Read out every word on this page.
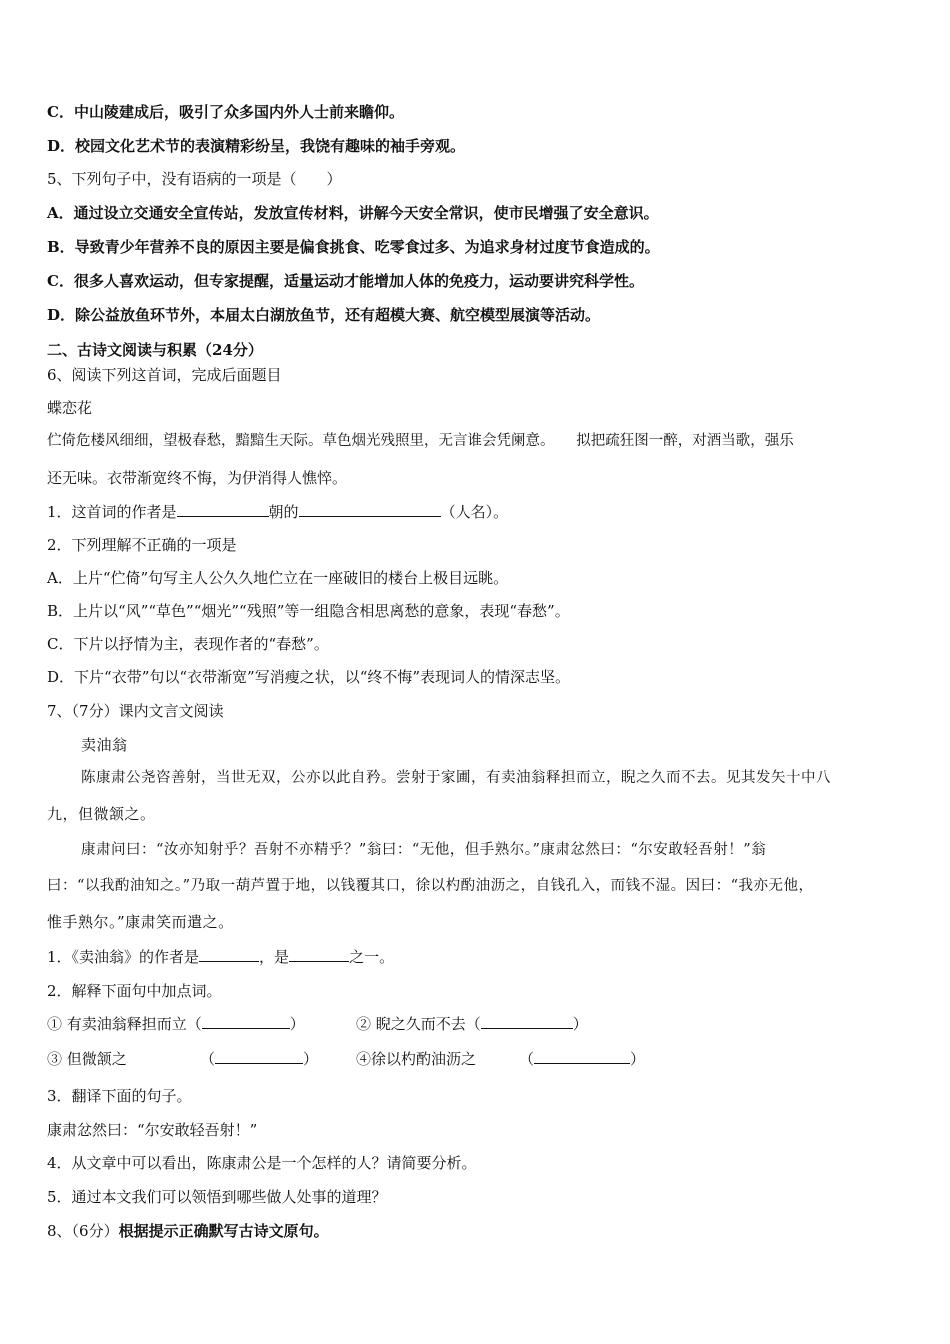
C．中山陵建成后，吸引了众多国内外人士前来瞻仰。
D．校园文化艺术节的表演精彩纷呈，我饶有趣味的袖手旁观。
5、下列句子中，没有语病的一项是（　　）
A．通过设立交通安全宣传站，发放宣传材料，讲解今天安全常识，使市民增强了安全意识。
B．导致青少年营养不良的原因主要是偏食挑食、吃零食过多、为追求身材过度节食造成的。
C．很多人喜欢运动，但专家提醒，适量运动才能增加人体的免疫力，运动要讲究科学性。
D．除公益放鱼环节外，本届太白湖放鱼节，还有超模大赛、航空模型展演等活动。
二、古诗文阅读与积累（24分）
6、阅读下列这首词，完成后面题目
蝶恋花
伫倚危楼风细细，望极春愁，黯黯生天际。草色烟光残照里，无言谁会凭阑意。　　拟把疏狂图一醉，对酒当歌，强乐
还无味。衣带渐宽终不悔，为伊消得人憔悴。
1．这首词的作者是	朝的	（人名）。
2．下列理解不正确的一项是
A．上片“伫倚”句写主人公久久地伫立在一座破旧的楼台上极目远眺。
B．上片以“风”“草色”“烟光”“残照”等一组隐含相思离愁的意象，表现“春愁”。
C．下片以抒情为主，表现作者的“春愁”。
D．下片“衣带”句以“衣带渐宽”写消瘦之状，以“终不悔”表现词人的情深志坚。
7、（7分）课内文言文阅读
卖油翁
陈康肃公尧咨善射，当世无双，公亦以此自矜。尝射于家圃，有卖油翁释担而立，睨之久而不去。见其发矢十中八
九，但微颔之。
康肃问曰：“汝亦知射乎？吾射不亦精乎？”翁曰：“无他，但手熟尔。”康肃忿然曰：“尔安敢轻吾射！”翁
曰：“以我酌油知之。”乃取一葫芦置于地，以钱覆其口，徐以杓酌油沥之，自钱孔入，而钱不湿。因曰：“我亦无他，
惟手熟尔。”康肃笑而遣之。
1．《卖油翁》的作者是	，是	之一。
2．解释下面句中加点词。
① 有卖油翁释担而立（	）	② 睨之久而不去（	）
③ 但微颔之	（	）	④徐以杓酌油沥之	（	）
3．翻译下面的句子。
康肃忿然曰：“尔安敢轻吾射！”
4．从文章中可以看出，陈康肃公是一个怎样的人？请简要分析。
5．通过本文我们可以领悟到哪些做人处事的道理？
8、（6分）根据提示正确默写古诗文原句。
